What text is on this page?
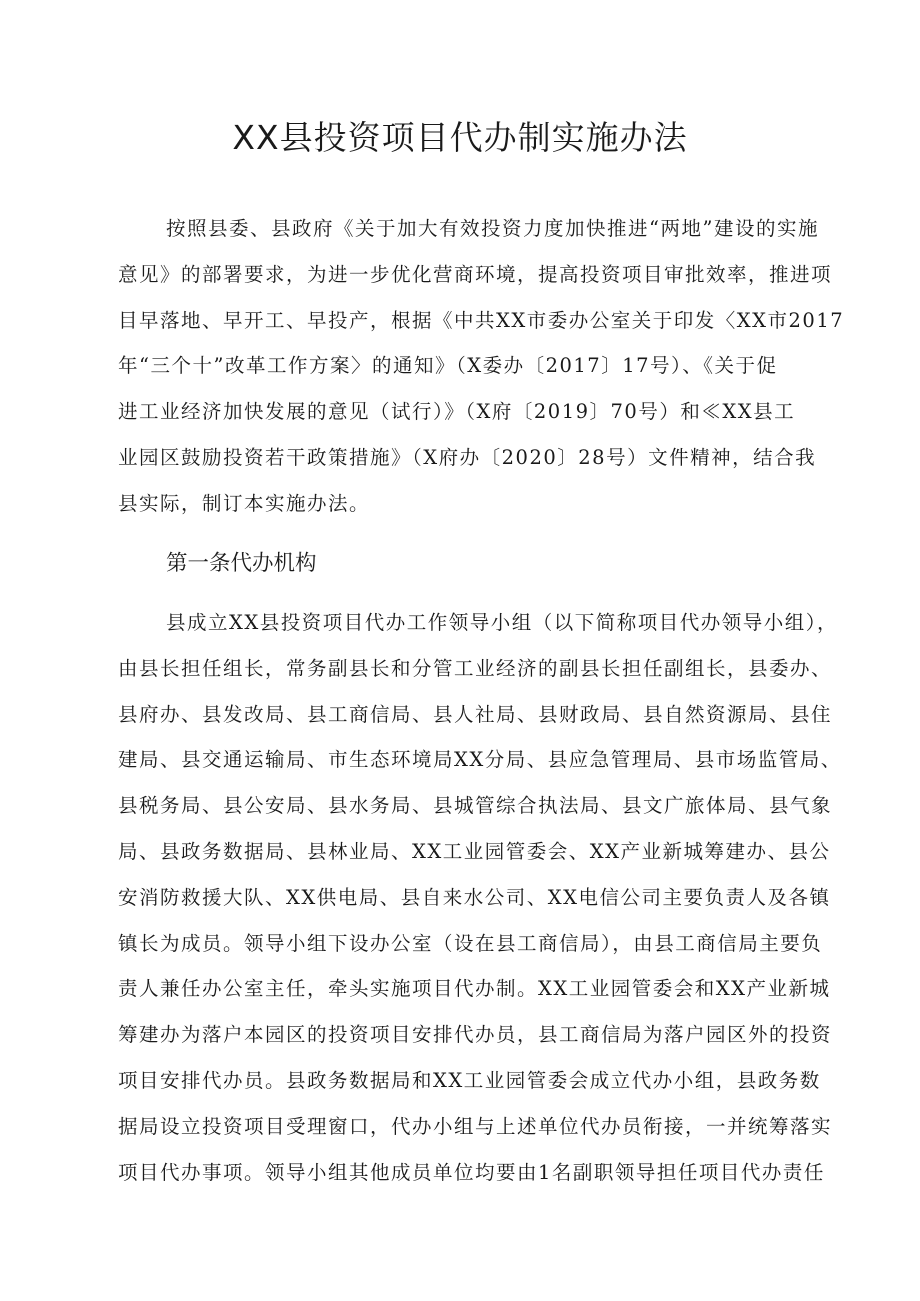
XX县投资项目代办制实施办法
按照县委、县政府《关于加大有效投资力度加快推进“两地”建设的实施
意见》的部署要求，为进一步优化营商环境，提高投资项目审批效率，推进项
目早落地、早开工、早投产，根据《中共XX市委办公室关于印发〈XX市2017
年“三个十”改革工作方案〉的通知》（X委办〔2017〕17号）、《关于促
进工业经济加快发展的意见（试行）》（X府〔2019〕70号）和≪XX县工
业园区鼓励投资若干政策措施》（X府办〔2020〕28号）文件精神，结合我
县实际，制订本实施办法。
第一条代办机构
县成立XX县投资项目代办工作领导小组（以下简称项目代办领导小组），
由县长担任组长，常务副县长和分管工业经济的副县长担任副组长，县委办、
县府办、县发改局、县工商信局、县人社局、县财政局、县自然资源局、县住
建局、县交通运输局、市生态环境局XX分局、县应急管理局、县市场监管局、
县税务局、县公安局、县水务局、县城管综合执法局、县文广旅体局、县气象
局、县政务数据局、县林业局、XX工业园管委会、XX产业新城筹建办、县公
安消防救援大队、XX供电局、县自来水公司、XX电信公司主要负责人及各镇
镇长为成员。领导小组下设办公室（设在县工商信局），由县工商信局主要负
责人兼任办公室主任，牵头实施项目代办制。XX工业园管委会和XX产业新城
筹建办为落户本园区的投资项目安排代办员，县工商信局为落户园区外的投资
项目安排代办员。县政务数据局和XX工业园管委会成立代办小组，县政务数
据局设立投资项目受理窗口，代办小组与上述单位代办员衔接，一并统筹落实
项目代办事项。领导小组其他成员单位均要由1名副职领导担任项目代办责任
